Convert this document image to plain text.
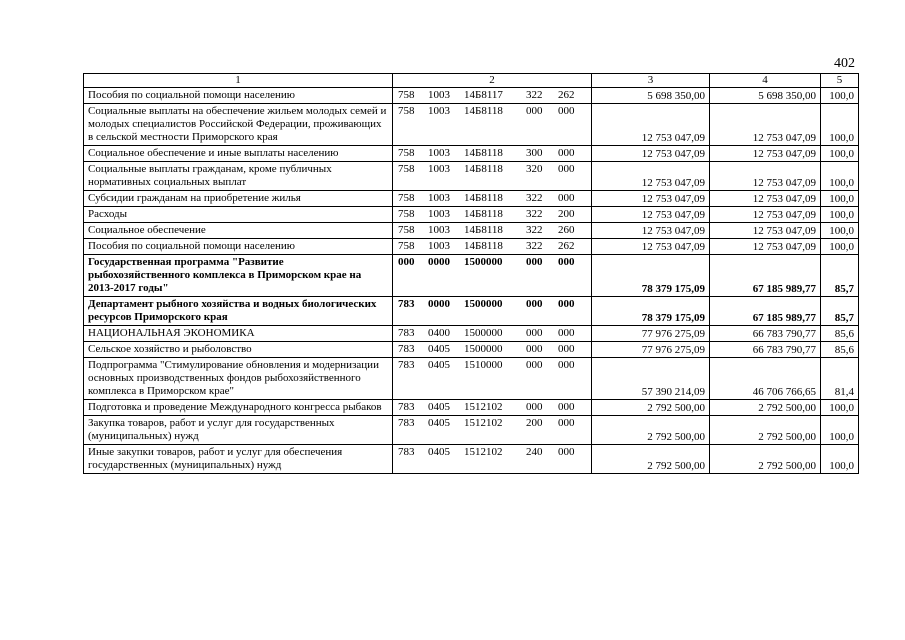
402
1	2	3	4	5
Пособия по социальной помощи населению	758 1003 14Б8117 322 262	5 698 350,00	5 698 350,00	100,0
Социальные выплаты на обеспечение жильем молодых семей и молодых специалистов Российской Федерации, проживающих в сельской местности Приморского края	758 1003 14Б8118 000 000	12 753 047,09	12 753 047,09	100,0
Социальное обеспечение и иные выплаты населению	758 1003 14Б8118 300 000	12 753 047,09	12 753 047,09	100,0
Социальные выплаты гражданам, кроме публичных нормативных социальных выплат	758 1003 14Б8118 320 000	12 753 047,09	12 753 047,09	100,0
Субсидии гражданам на приобретение жилья	758 1003 14Б8118 322 000	12 753 047,09	12 753 047,09	100,0
Расходы	758 1003 14Б8118 322 200	12 753 047,09	12 753 047,09	100,0
Социальное обеспечение	758 1003 14Б8118 322 260	12 753 047,09	12 753 047,09	100,0
Пособия по социальной помощи населению	758 1003 14Б8118 322 262	12 753 047,09	12 753 047,09	100,0
Государственная программа "Развитие рыбохозяйственного комплекса в Приморском крае на 2013-2017 годы"	000 0000 1500000 000 000	78 379 175,09	67 185 989,77	85,7
Департамент рыбного хозяйства и водных биологических ресурсов Приморского края	783 0000 1500000 000 000	78 379 175,09	67 185 989,77	85,7
НАЦИОНАЛЬНАЯ ЭКОНОМИКА	783 0400 1500000 000 000	77 976 275,09	66 783 790,77	85,6
Сельское хозяйство и рыболовство	783 0405 1500000 000 000	77 976 275,09	66 783 790,77	85,6
Подпрограмма "Стимулирование обновления и модернизации основных производственных фондов рыбохозяйственного комплекса в Приморском крае"	783 0405 1510000 000 000	57 390 214,09	46 706 766,65	81,4
Подготовка и проведение Международного конгресса рыбаков	783 0405 1512102 000 000	2 792 500,00	2 792 500,00	100,0
Закупка товаров, работ и услуг для государственных (муниципальных) нужд	783 0405 1512102 200 000	2 792 500,00	2 792 500,00	100,0
Иные закупки товаров, работ и услуг для обеспечения государственных (муниципальных) нужд	783 0405 1512102 240 000	2 792 500,00	2 792 500,00	100,0
